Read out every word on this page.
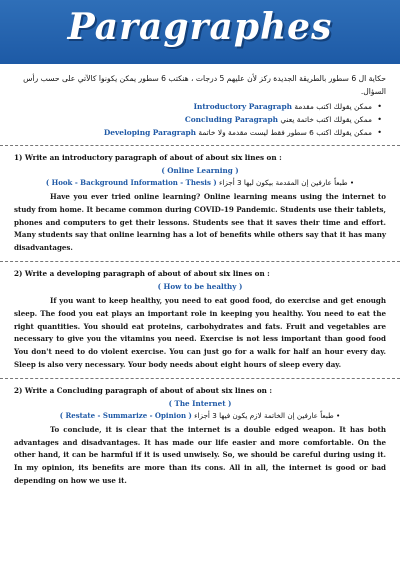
Paragraphes
حكاية ال 6 سطور بالطريقة الجديدة ركز لأن عليهم 5 درجات ، هنكتب 6 سطور يمكن يكونوا كالآتي على حسب رأس السؤال.
• ممكن يقولك اكتب مقدمة Introductory Paragraph
• ممكن يقولك اكتب خاتمة يعني Concluding Paragraph
• ممكن يقولك اكتب 6 سطور فقط ليست مقدمة ولا خاتمة Developing Paragraph

1) Write an introductory paragraph of about of about six lines on :

( Online Learning )

• طبعاً عارفين إن المقدمة بيكون ليها 3 أجزاء ( Hook - Background Information - Thesis )

Have you ever tried online learning? Online learning means using the internet to study from home. It became common during COVID-19 Pandemic. Students use their tablets, phones and computers to get their lessons. Students see that it saves their time and effort. Many students say that online learning has a lot of benefits while others say that it has many disadvantages.

2) Write a developing paragraph of about of about six lines on :

( How to be healthy )

If you want to keep healthy, you need to eat good food, do exercise and get enough sleep. The food you eat plays an important role in keeping you healthy. You need to eat the right quantities. You should eat proteins, carbohydrates and fats. Fruit and vegetables are necessary to give you the vitamins you need. Exercise is not less important than good food You don't need to do violent exercise. You can just go for a walk for half an hour every day. Sleep is also very necessary. Your body needs about eight hours of sleep every day.

2) Write a Concluding paragraph of about of about six lines on :

( The Internet )

• طبعاً عارفين إن الخاتمة لازم يكون فيها 3 أجزاء ( Restate - Summarize - Opinion )

To conclude, it is clear that the internet is a double edged weapon. It has both advantages and disadvantages. It has made our life easier and more comfortable. On the other hand, it can be harmful if it is used unwisely. So, we should be careful during using it. In my opinion, its benefits are more than its cons. All in all, the internet is good or bad depending on how we use it.
